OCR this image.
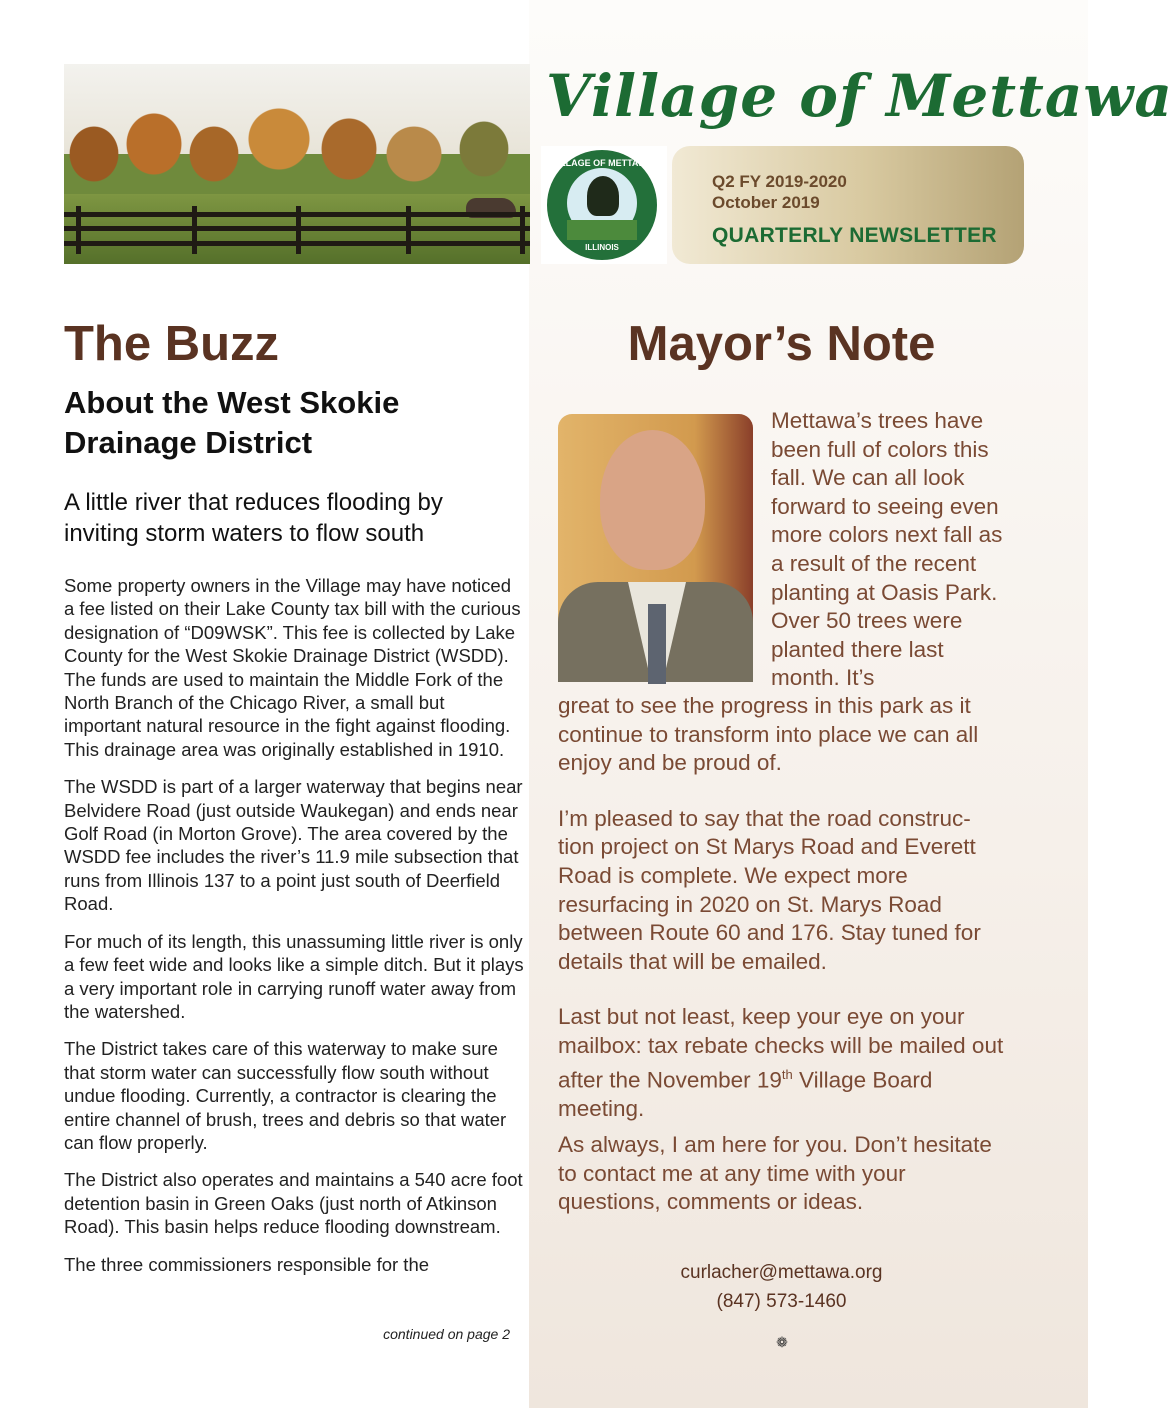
Village of Mettawa
VILLAGE OF METTAWA
ILLINOIS
Q2 FY 2019-2020
October 2019
QUARTERLY NEWSLETTER
The Buzz
About the West Skokie Drainage District
A little river that reduces flooding by inviting storm waters to flow south

Some property owners in the Village may have noticed a fee listed on their Lake County tax bill with the curious designation of “D09WSK”. This fee is collected by Lake County for the West Skokie Drainage District (WSDD). The funds are used to maintain the Middle Fork of the North Branch of the Chicago River, a small but important natural resource in the fight against flooding. This drainage area was originally established in 1910.

The WSDD is part of a larger waterway that begins near Belvidere Road (just outside Waukegan) and ends near Golf Road (in Morton Grove). The area covered by the WSDD fee includes the river’s 11.9 mile subsection that runs from Illinois 137 to a point just south of Deerfield Road.

For much of its length, this unassuming little river is only a few feet wide and looks like a simple ditch. But it plays a very important role in carrying runoff water away from the watershed.

The District takes care of this waterway to make sure that storm water can successfully flow south without undue flooding. Currently, a contractor is clearing the entire channel of brush, trees and debris so that water can flow properly.

The District also operates and maintains a 540 acre foot detention basin in Green Oaks (just north of Atkinson Road). This basin helps reduce flooding downstream.

The three commissioners responsible for the

continued on page 2
Mayor’s Note
Mettawa’s trees have been full of colors this fall. We can all look forward to seeing even more colors next fall as a result of the recent planting at Oasis Park. Over 50 trees were planted there last month. It’s

great to see the progress in this park as it continue to transform into place we can all enjoy and be proud of.

I’m pleased to say that the road construc- tion project on St Marys Road and Everett Road is complete. We expect more resurfacing in 2020 on St. Marys Road between Route 60 and 176. Stay tuned for details that will be emailed.

Last but not least, keep your eye on your mailbox: tax rebate checks will be mailed out after the November 19th Village Board meeting.

As always, I am here for you. Don’t hesitate to contact me at any time with your questions, comments or ideas.

curlacher@mettawa.org
(847) 573-1460
❁
